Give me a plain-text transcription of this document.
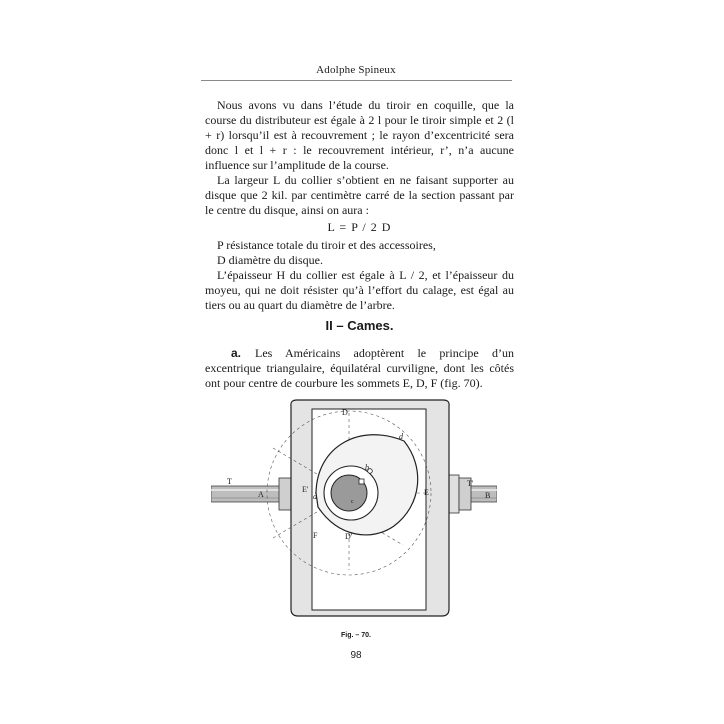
Adolphe Spineux

Nous avons vu dans l’étude du tiroir en coquille, que la course du distributeur est égale à 2 l pour le tiroir simple et 2 (l + r) lorsqu’il est à recouvrement ; le rayon d’excentricité sera donc l et l + r : le recouvrement intérieur, r’, n’a aucune influence sur l’amplitude de la course.

La largeur L du collier s’obtient en ne faisant supporter au disque que 2 kil. par centimètre carré de la section passant par le centre du disque, ainsi on aura :

L = P / 2 D

P résistance totale du tiroir et des accessoires,

D diamètre du disque.

L’épaisseur H du collier est égale à L / 2, et l’épaisseur du moyeu, qui ne doit résister qu’à l’effort du calage, est égal au tiers ou au quart du diamètre de l’arbre.

II – Cames.
a. Les Américains adoptèrent le principe d’un excentrique triangulaire, équilatéral curviligne, dont les côtés ont pour centre de courbure les sommets E, D, F (fig. 70).
T
A
E'
a
c
b
D
d
E
T'
B
F	D'
Fig. – 70.
98
